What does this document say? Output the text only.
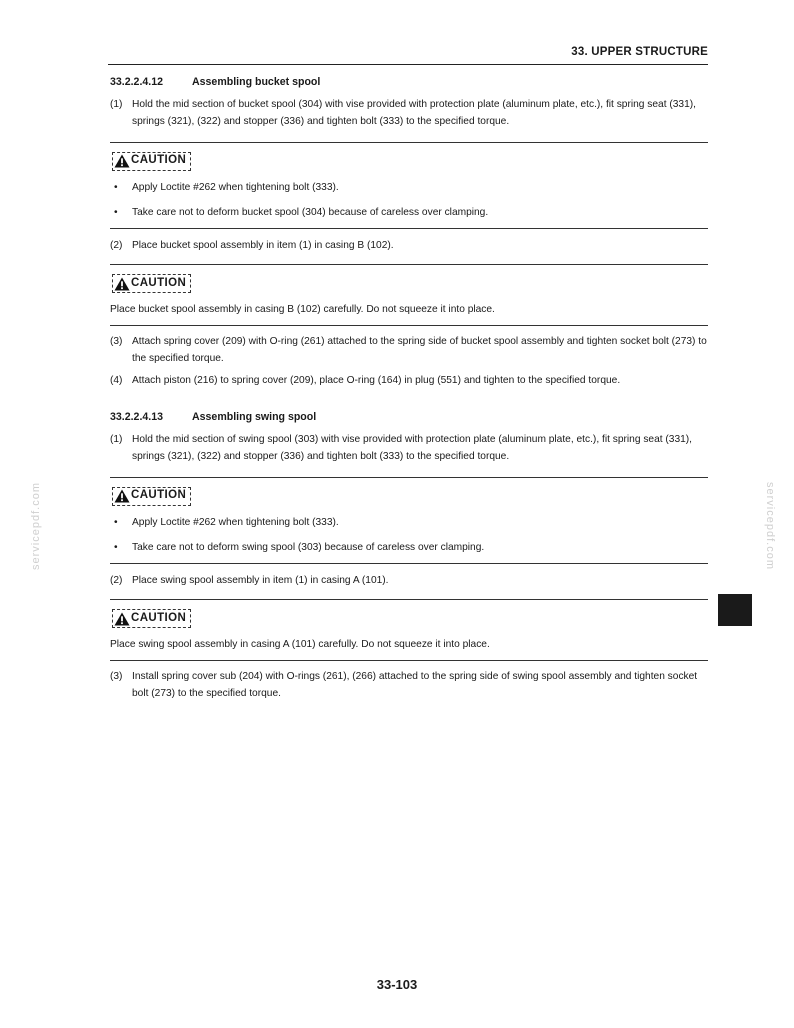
33. UPPER STRUCTURE
servicepdf.com	servicepdf.com
33.2.2.4.12	Assembling bucket spool
(1) Hold the mid section of bucket spool (304) with vise provided with protection plate (aluminum plate, etc.), fit spring seat (331), springs (321), (322) and stopper (336) and tighten bolt (333) to the specified torque.
CAUTION
• Apply Loctite #262 when tightening bolt (333).
• Take care not to deform bucket spool (304) because of careless over clamping.
(2) Place bucket spool assembly in item (1) in casing B (102).
CAUTION
Place bucket spool assembly in casing B (102) carefully. Do not squeeze it into place.
(3) Attach spring cover (209) with O-ring (261) attached to the spring side of bucket spool assembly and tighten socket bolt (273) to the specified torque.
(4) Attach piston (216) to spring cover (209), place O-ring (164) in plug (551) and tighten to the specified torque.
33.2.2.4.13	Assembling swing spool
(1) Hold the mid section of swing spool (303) with vise provided with protection plate (aluminum plate, etc.), fit spring seat (331), springs (321), (322) and stopper (336) and tighten bolt (333) to the specified torque.
CAUTION
• Apply Loctite #262 when tightening bolt (333).
• Take care not to deform swing spool (303) because of careless over clamping.
(2) Place swing spool assembly in item (1) in casing A (101).
CAUTION
Place swing spool assembly in casing A (101) carefully. Do not squeeze it into place.
(3) Install spring cover sub (204) with O-rings (261), (266) attached to the spring side of swing spool assembly and tighten socket bolt (273) to the specified torque.
33-103
